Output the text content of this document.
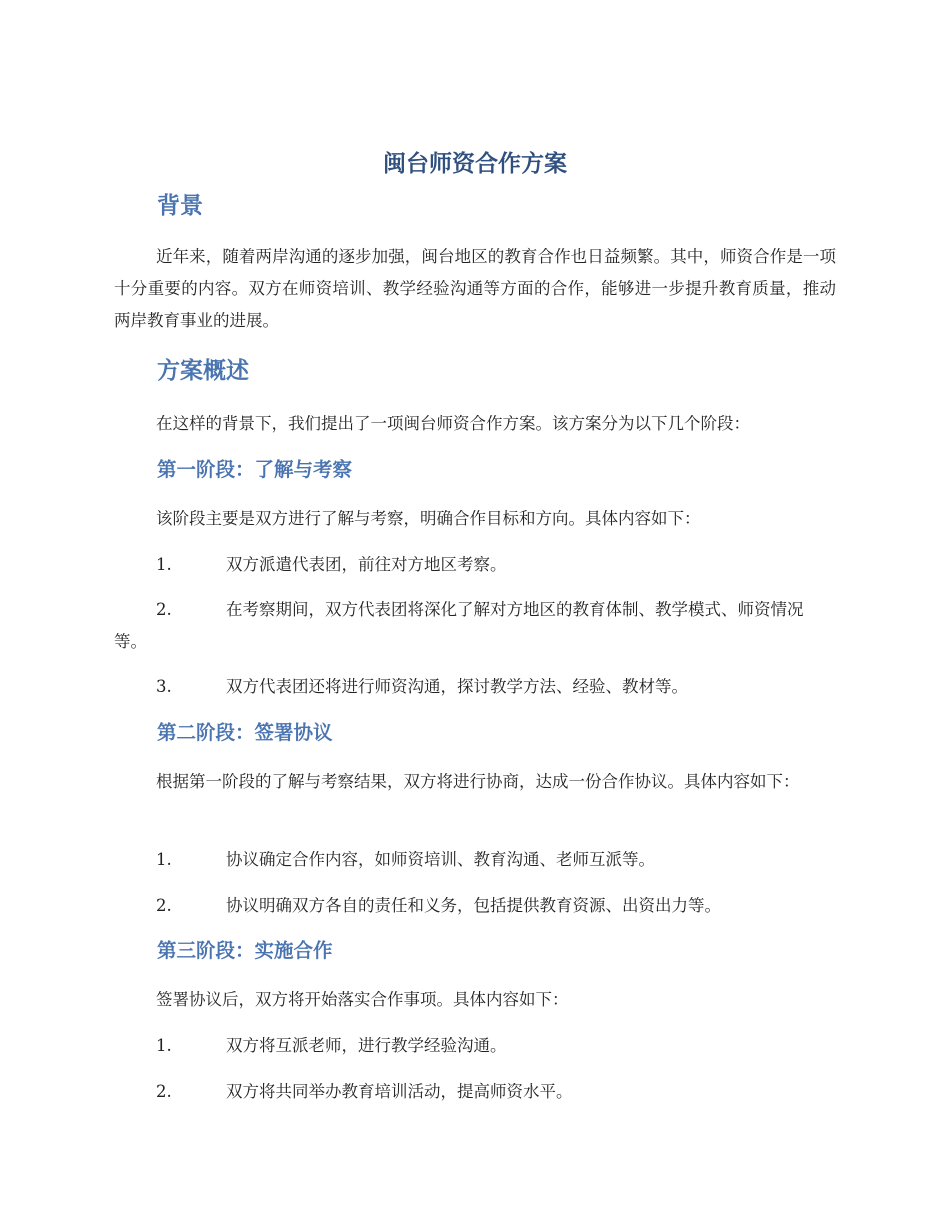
闽台师资合作方案
背景

近年来，随着两岸沟通的逐步加强，闽台地区的教育合作也日益频繁。其中，师资合作是一项十分重要的内容。双方在师资培训、教学经验沟通等方面的合作，能够进一步提升教育质量，推动两岸教育事业的进展。

方案概述

在这样的背景下，我们提出了一项闽台师资合作方案。该方案分为以下几个阶段：

第一阶段：了解与考察

该阶段主要是双方进行了解与考察，明确合作目标和方向。具体内容如下：

1.	双方派遣代表团，前往对方地区考察。

2.	在考察期间，双方代表团将深化了解对方地区的教育体制、教学模式、师资情况等。

3.	双方代表团还将进行师资沟通，探讨教学方法、经验、教材等。

第二阶段：签署协议

根据第一阶段的了解与考察结果，双方将进行协商，达成一份合作协议。具体内容如下：

1.	协议确定合作内容，如师资培训、教育沟通、老师互派等。

2.	协议明确双方各自的责任和义务，包括提供教育资源、出资出力等。

第三阶段：实施合作

签署协议后，双方将开始落实合作事项。具体内容如下：

1.	双方将互派老师，进行教学经验沟通。

2.	双方将共同举办教育培训活动，提高师资水平。
